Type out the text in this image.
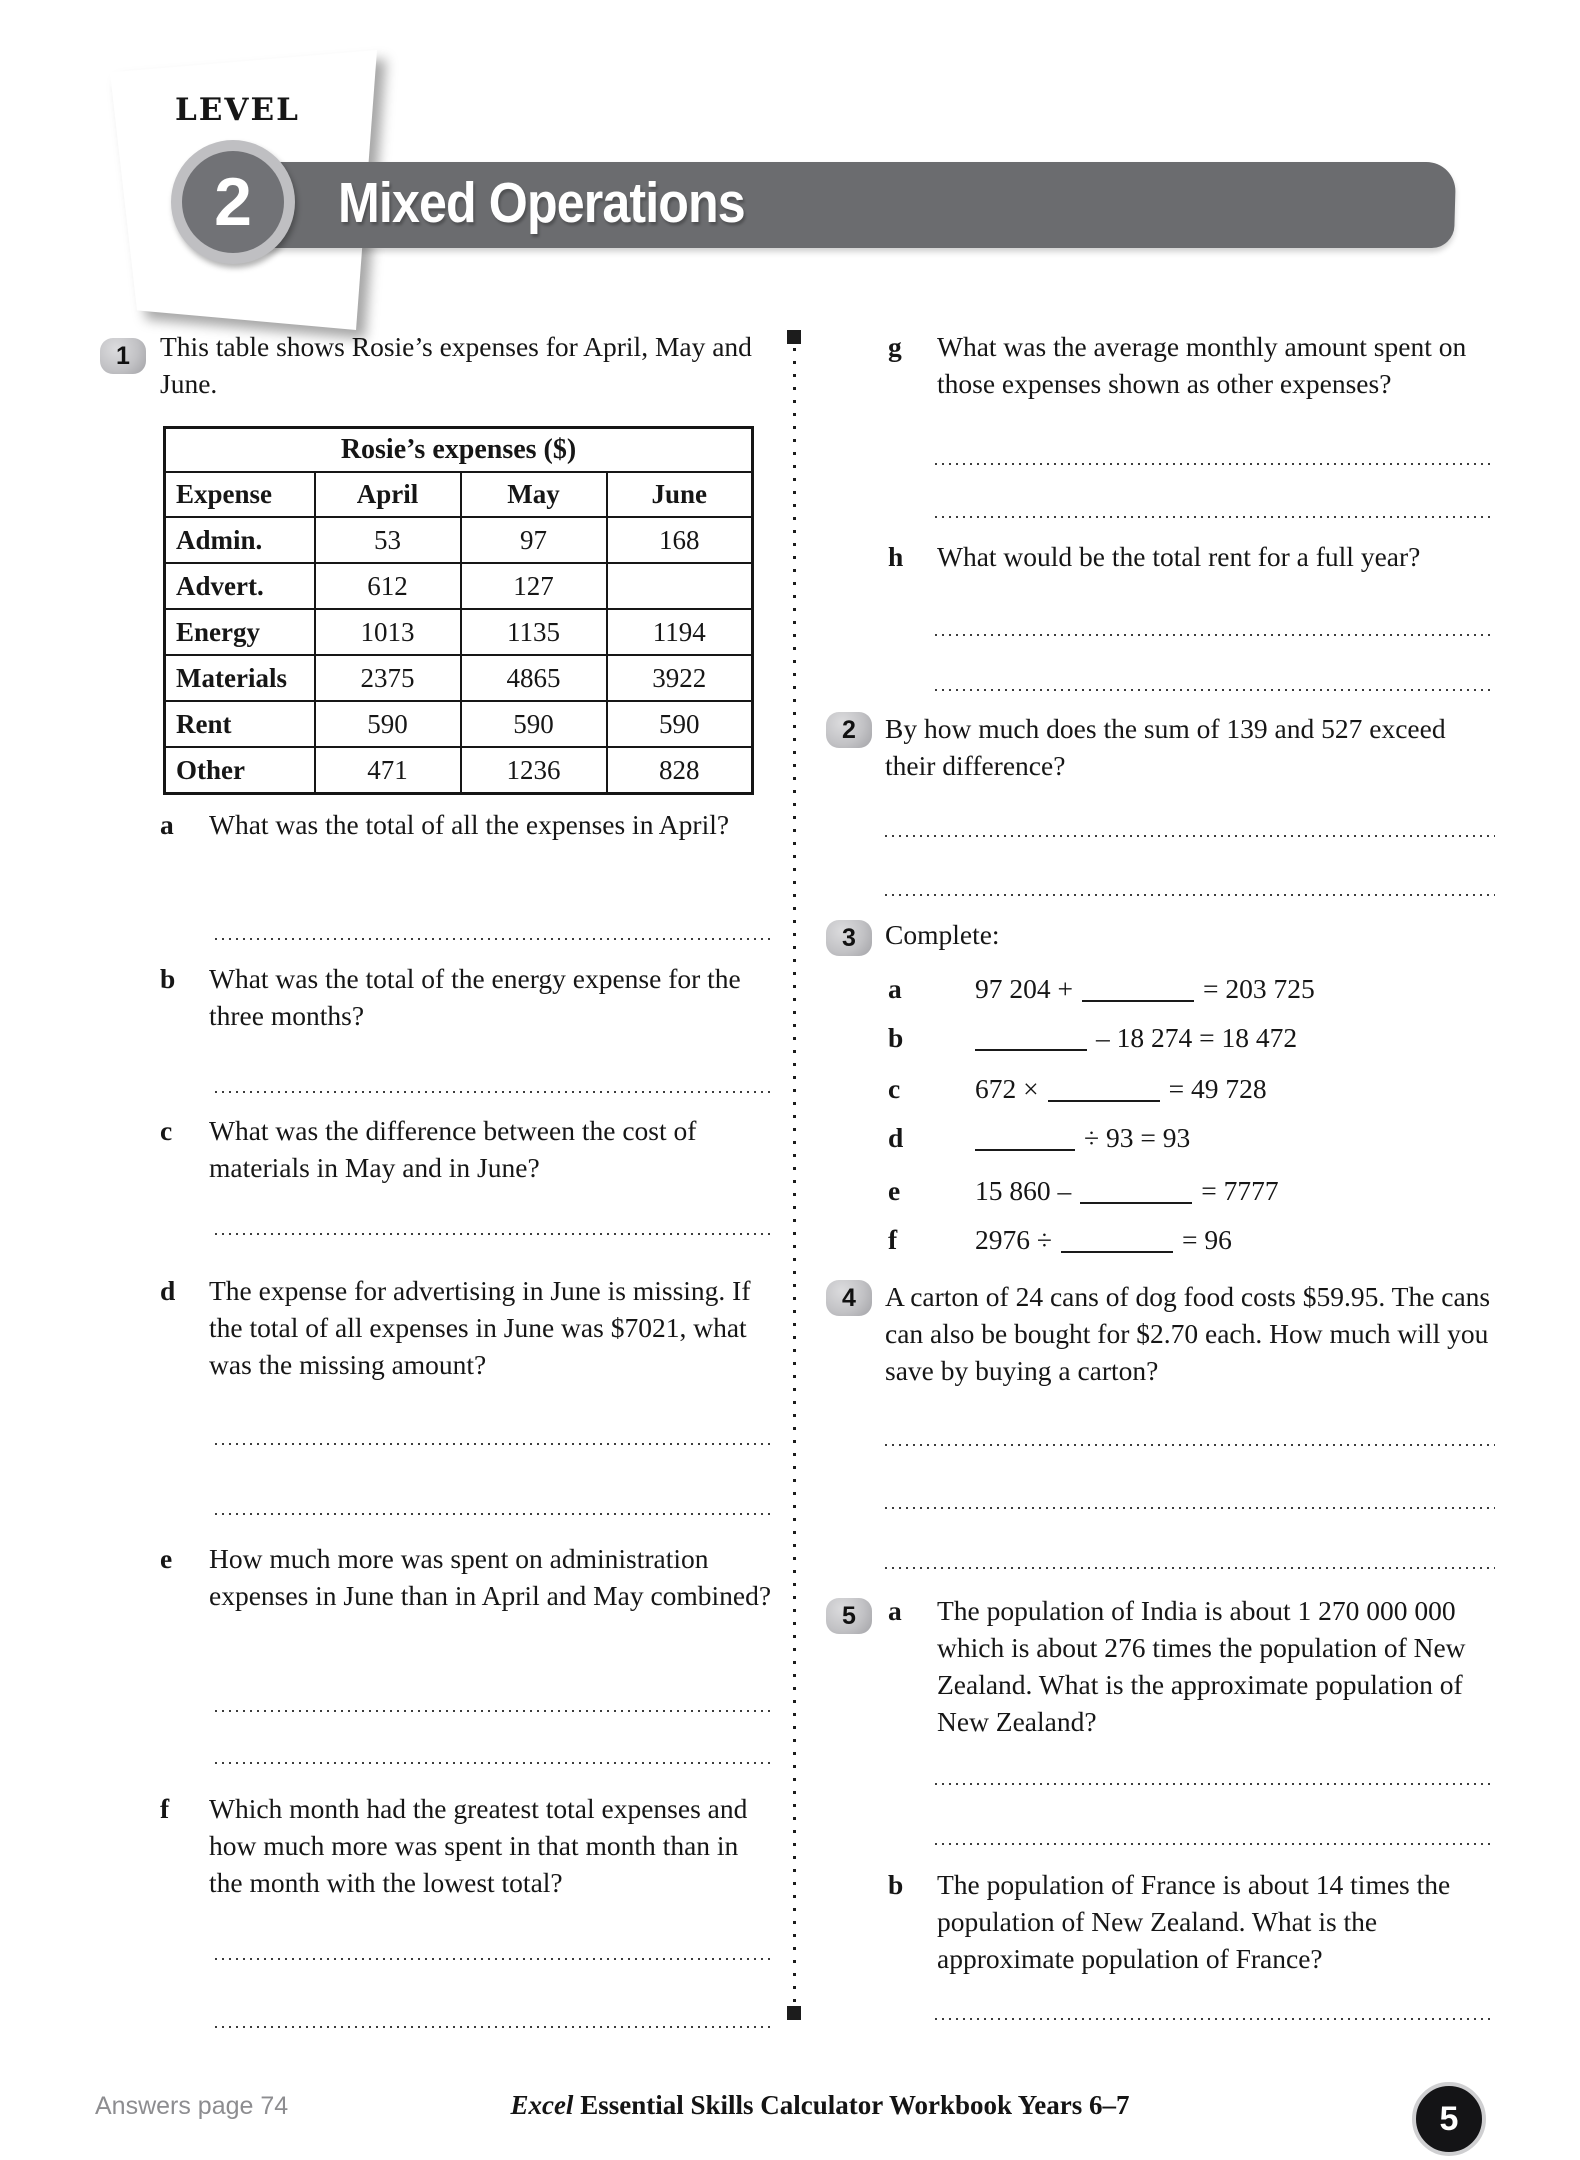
LEVEL
Mixed Operations
2
1	This table shows Rosie’s expenses for April, May and June.
Rosie’s expenses ($)			
Expense	April	May	June
Admin.	53	97	168
Advert.	612	127	
Energy	1013	1135	1194
Materials	2375	4865	3922
Rent	590	590	590
Other	471	1236	828
a	What was the total of all the expenses in April?
b	What was the total of the energy expense for the three months?
c	What was the difference between the cost of materials in May and in June?
d	The expense for advertising in June is missing. If the total of all expenses in June was $7021, what was the missing amount?
e	How much more was spent on administration expenses in June than in April and May combined?
f	Which month had the greatest total expenses and how much more was spent in that month than in the month with the lowest total?
g	What was the average monthly amount spent on those expenses shown as other expenses?
h	What would be the total rent for a full year?
2	By how much does the sum of 139 and 527 exceed their difference?
3	Complete:
a	97 204 +	= 203 725
b	– 18 274 = 18 472
c	672 ×	= 49 728
d	÷ 93 = 93
e	15 860 –	= 7777
f	2976 ÷	= 96
4	A carton of 24 cans of dog food costs $59.95. The cans can also be bought for $2.70 each. How much will you save by buying a carton?
5	a	The population of India is about 1 270 000 000 which is about 276 times the population of New Zealand. What is the approximate population of New Zealand?
b	The population of France is about 14 times the population of New Zealand. What is the approximate population of France?
Answers page 74	Excel Essential Skills Calculator Workbook Years 6–7	5
